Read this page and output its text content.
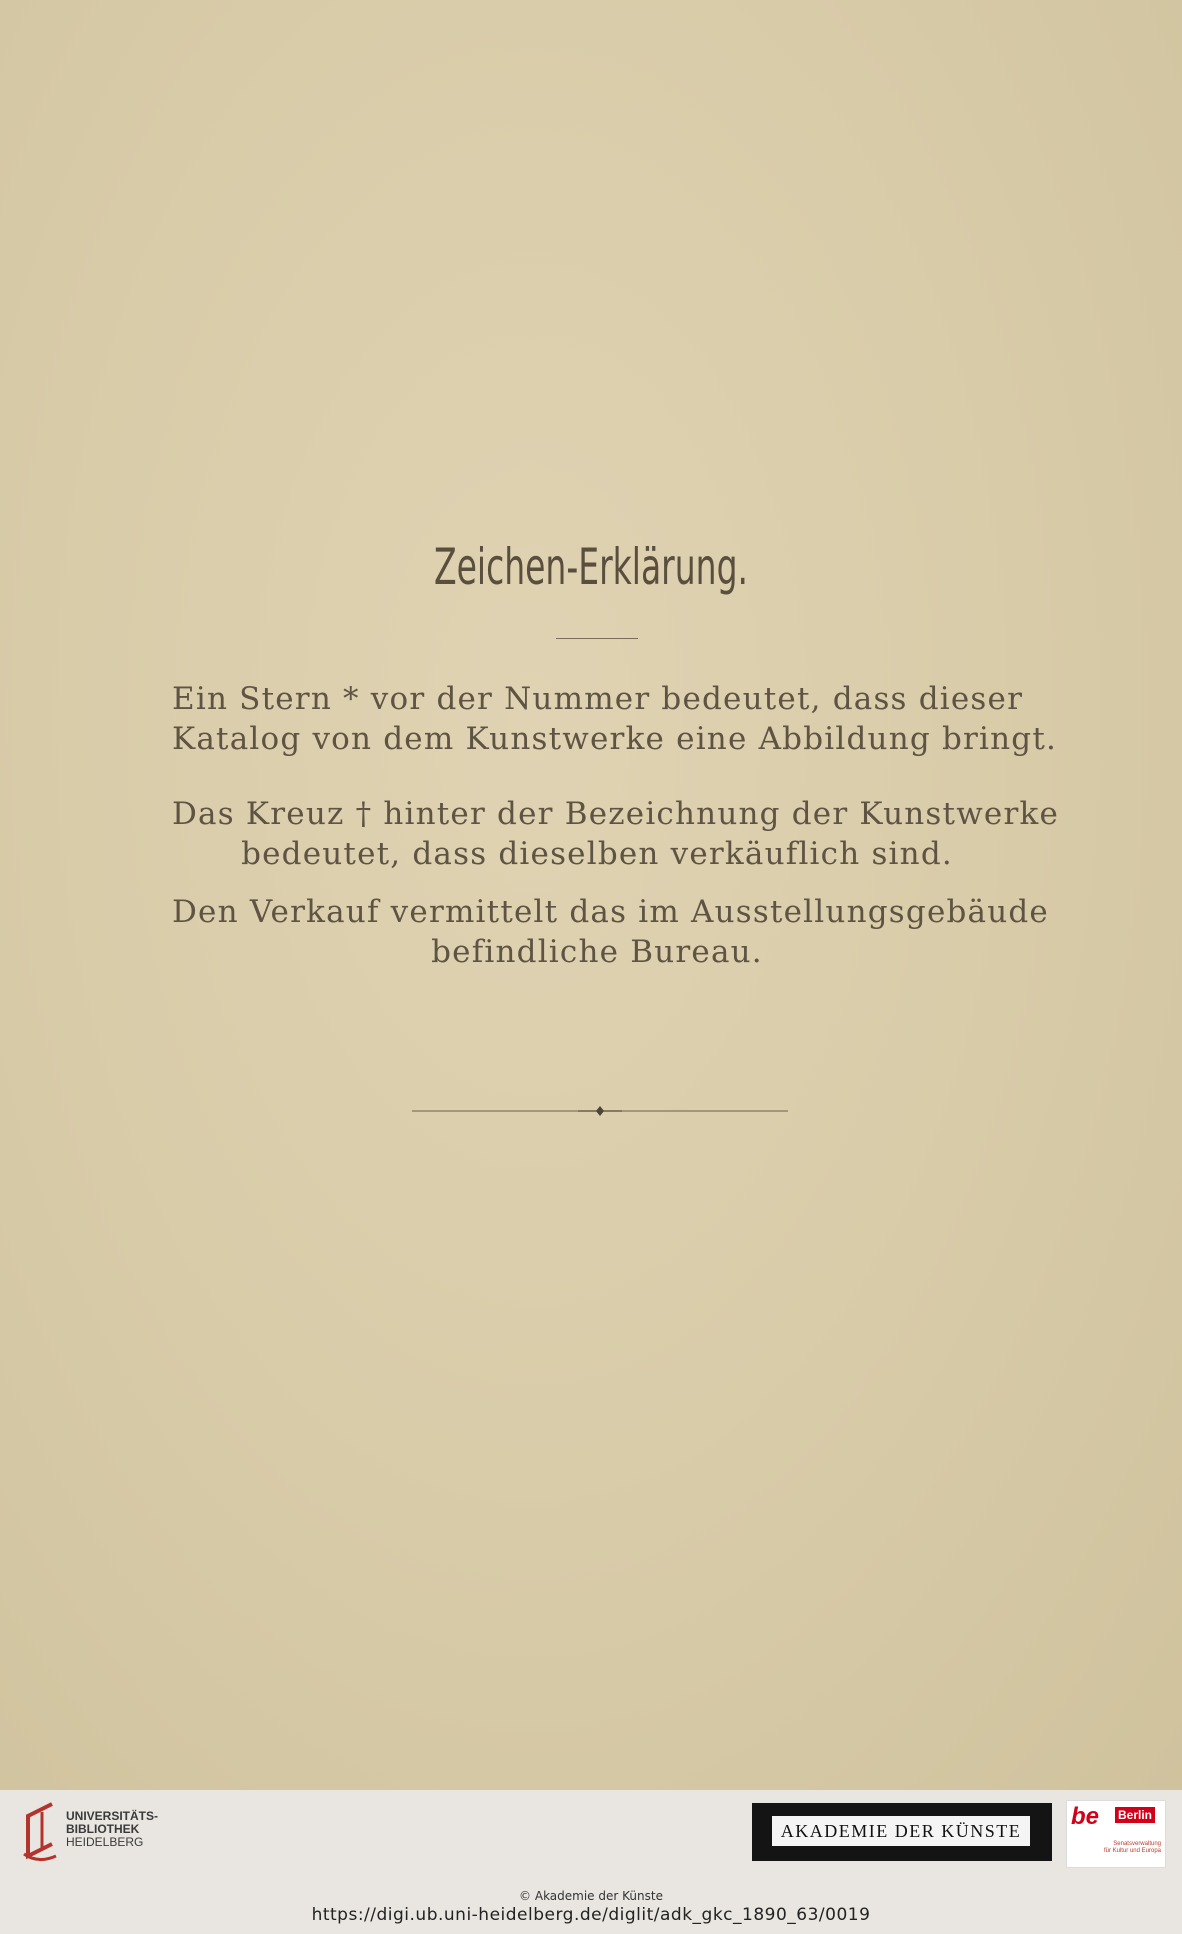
Zeichen-Erklärung.
Ein Stern * vor der Nummer bedeutet, dass dieser
Katalog von dem Kunstwerke eine Abbildung bringt.
Das Kreuz † hinter der Bezeichnung der Kunstwerke
bedeutet, dass dieselben verkäuflich sind.
Den Verkauf vermittelt das im Ausstellungsgebäude
befindliche Bureau.
UNIVERSITÄTS-
BIBLIOTHEK
HEIDELBERG
AKADEMIE DER KÜNSTE
be Berlin
Senatsverwaltung
für Kultur und Europa
© Akademie der Künste
https://digi.ub.uni-heidelberg.de/diglit/adk_gkc_1890_63/0019
